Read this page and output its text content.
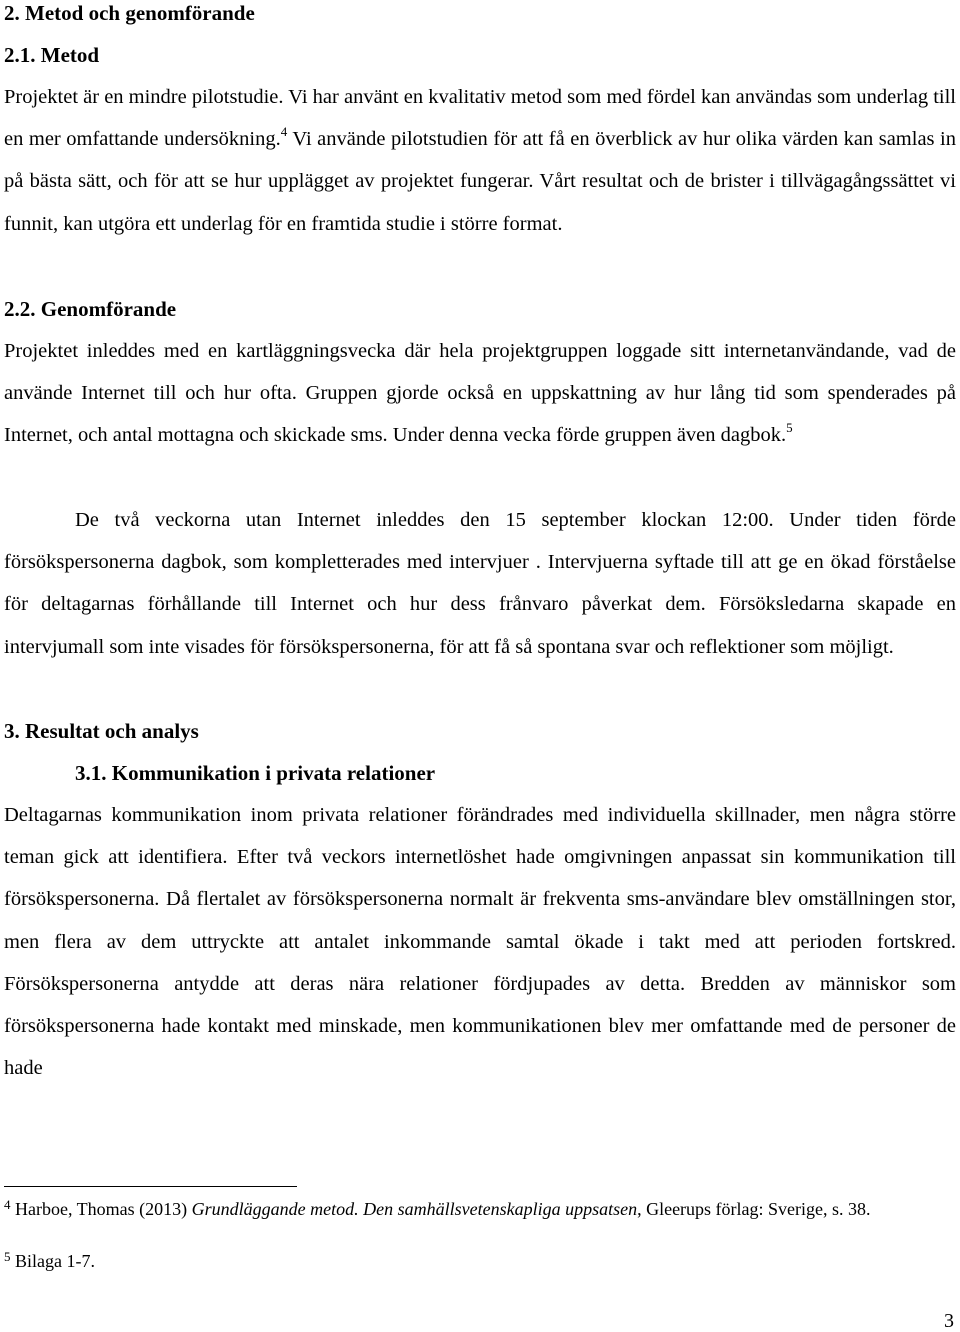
2. Metod och genomförande
2.1. Metod

Projektet är en mindre pilotstudie. Vi har använt en kvalitativ metod som med fördel kan användas som underlag till en mer omfattande undersökning.$^4$ Vi använde pilotstudien för att få en överblick av hur olika värden kan samlas in på bästa sätt, och för att se hur upplägget av projektet fungerar. Vårt resultat och de brister i tillvägagångssättet vi funnit, kan utgöra ett underlag för en framtida studie i större format.

2.2. Genomförande

Projektet inleddes med en kartläggningsvecka där hela projektgruppen loggade sitt internetanvändande, vad de använde Internet till och hur ofta. Gruppen gjorde också en uppskattning av hur lång tid som spenderades på Internet, och antal mottagna och skickade sms. Under denna vecka förde gruppen även dagbok.$^5$

De två veckorna utan Internet inleddes den 15 september klockan 12:00. Under tiden förde försökspersonerna dagbok, som kompletterades med intervjuer . Intervjuerna syftade till att ge en ökad förståelse för deltagarnas förhållande till Internet och hur dess frånvaro påverkat dem. Försöksledarna skapade en intervjumall som inte visades för försökspersonerna, för att få så spontana svar och reflektioner som möjligt.

3. Resultat och analys
3.1. Kommunikation i privata relationer

Deltagarnas kommunikation inom privata relationer förändrades med individuella skillnader, men några större teman gick att identifiera. Efter två veckors internetlöshet hade omgivningen anpassat sin kommunikation till försökspersonerna. Då flertalet av försökspersonerna normalt är frekventa sms-användare blev omställningen stor, men flera av dem uttryckte att antalet inkommande samtal ökade i takt med att perioden fortskred. Försökspersonerna antydde att deras nära relationer fördjupades av detta. Bredden av människor som försökspersonerna hade kontakt med minskade, men kommunikationen blev mer omfattande med de personer de hade

$^4$ Harboe, Thomas (2013) Grundläggande metod. Den samhällsvetenskapliga uppsatsen, Gleerups förlag: Sverige, s. 38.

$^5$ Bilaga 1-7.

3
